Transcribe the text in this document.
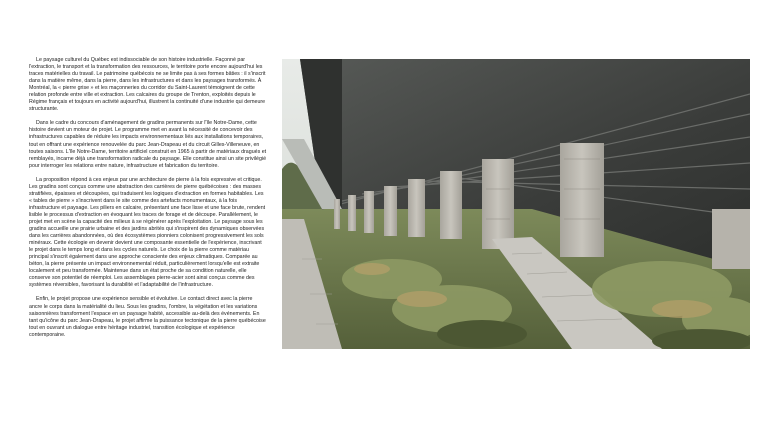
Le paysage culturel du Québec est indissociable de son histoire industrielle. Façonné par l'extraction, le transport et la transformation des ressources, le territoire porte encore aujourd'hui les traces matérielles du travail. Le patrimoine québécois ne se limite pas à ses formes bâties : il s'inscrit dans la matière même, dans la pierre, dans les infrastructures et dans les paysages transformés. À Montréal, la « pierre grise » et les maçonneries du corridor du Saint-Laurent témoignent de cette relation profonde entre ville et extraction. Les calcaires du groupe de Trenton, exploités depuis le Régime français et toujours en activité aujourd'hui, illustrent la continuité d'une industrie qui demeure structurante.

Dans le cadre du concours d'aménagement de gradins permanents sur l'île Notre-Dame, cette histoire devient un moteur de projet. Le programme met en avant la nécessité de concevoir des infrastructures capables de réduire les impacts environnementaux liés aux installations temporaires, tout en offrant une expérience renouvelée du parc Jean-Drapeau et du circuit Gilles-Villeneuve, en toutes saisons. L'île Notre-Dame, territoire artificiel construit en 1965 à partir de matériaux dragués et remblayés, incarne déjà une transformation radicale du paysage. Elle constitue ainsi un site privilégié pour interroger les relations entre nature, infrastructure et fabrication du territoire.

La proposition répond à ces enjeux par une architecture de pierre à la fois expressive et critique. Les gradins sont conçus comme une abstraction des carrières de pierre québécoises : des masses stratifiées, épaisses et découpées, qui traduisent les logiques d'extraction en formes habitables. Les « tables de pierre » s'inscrivent dans le site comme des artefacts monumentaux, à la fois infrastructure et paysage. Les piliers en calcaire, présentant une face lisse et une face brute, rendent lisible le processus d'extraction en évoquant les traces de forage et de découpe. Parallèlement, le projet met en scène la capacité des milieux à se régénérer après l'exploitation. Le paysage sous les gradins accueille une prairie urbaine et des jardins abrités qui s'inspirent des dynamiques observées dans les carrières abandonnées, où des écosystèmes pionniers colonisent progressivement les sols minéraux. Cette écologie en devenir devient une composante essentielle de l'expérience, inscrivant le projet dans le temps long et dans les cycles naturels. Le choix de la pierre comme matériau principal s'inscrit également dans une approche consciente des enjeux climatiques. Comparée au béton, la pierre présente un impact environnemental réduit, particulièrement lorsqu'elle est extraite localement et peu transformée. Maintenue dans un état proche de sa condition naturelle, elle conserve son potentiel de réemploi. Les assemblages pierre-acier sont ainsi conçus comme des systèmes réversibles, favorisant la durabilité et l'adaptabilité de l'infrastructure.

Enfin, le projet propose une expérience sensible et évolutive. Le contact direct avec la pierre ancre le corps dans la matérialité du lieu. Sous les gradins, l'ombre, la végétation et les variations saisonnières transforment l'espace en un paysage habité, accessible au-delà des événements. En tant qu'icône du parc Jean-Drapeau, le projet affirme la puissance tectonique de la pierre québécoise tout en ouvrant un dialogue entre héritage industriel, transition écologique et expérience contemporaine.
